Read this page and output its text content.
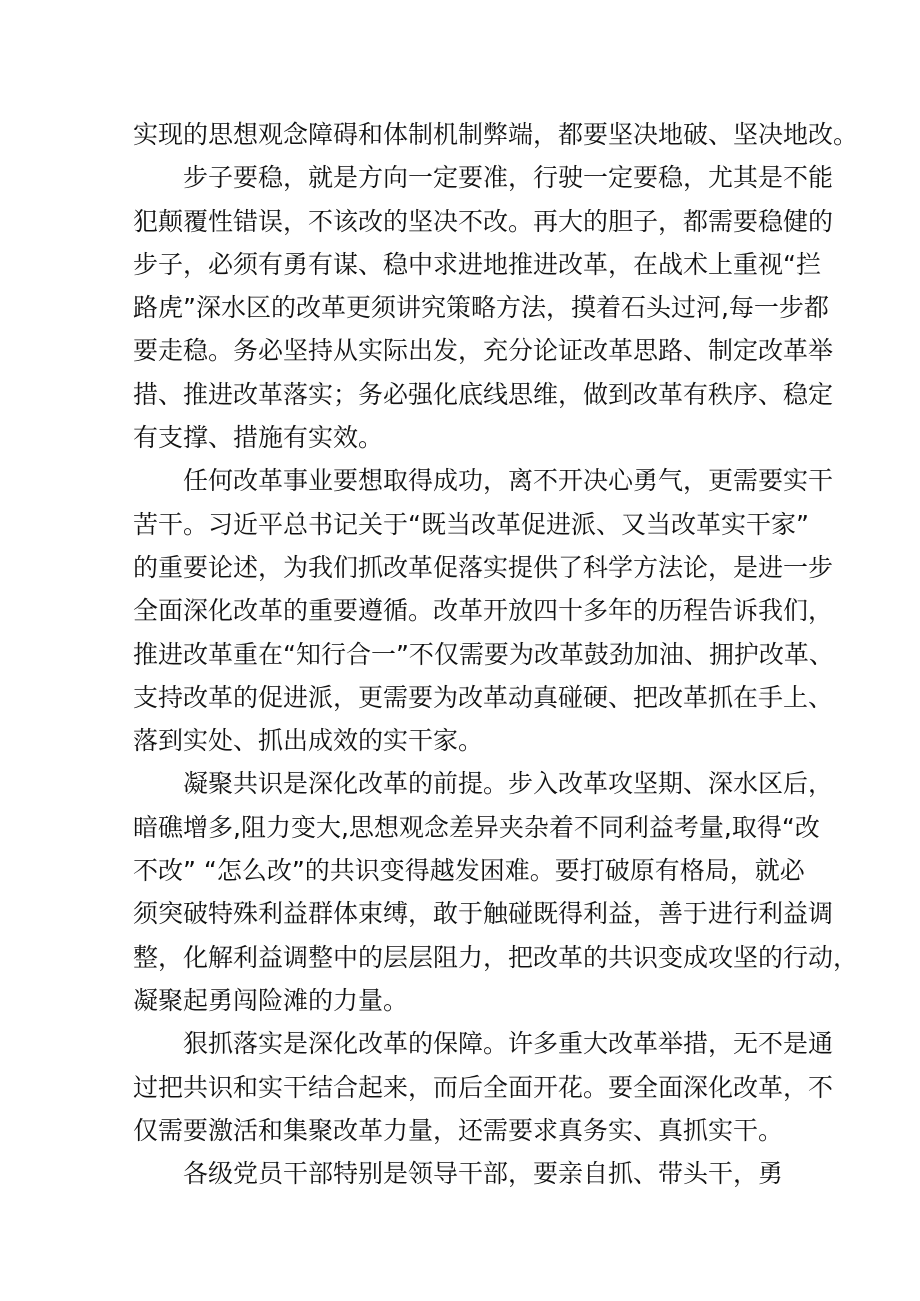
实现的思想观念障碍和体制机制弊端，都要坚决地破、坚决地改。
步子要稳，就是方向一定要准，行驶一定要稳，尤其是不能
犯颠覆性错误，不该改的坚决不改。再大的胆子，都需要稳健的
步子，必须有勇有谋、稳中求进地推进改革，在战术上重视“拦
路虎”深水区的改革更须讲究策略方法，摸着石头过河,每一步都
要走稳。务必坚持从实际出发，充分论证改革思路、制定改革举
措、推进改革落实；务必强化底线思维，做到改革有秩序、稳定
有支撑、措施有实效。
任何改革事业要想取得成功，离不开决心勇气，更需要实干
苦干。习近平总书记关于“既当改革促进派、又当改革实干家”
的重要论述，为我们抓改革促落实提供了科学方法论，是进一步
全面深化改革的重要遵循。改革开放四十多年的历程告诉我们，
推进改革重在“知行合一”不仅需要为改革鼓劲加油、拥护改革、
支持改革的促进派，更需要为改革动真碰硬、把改革抓在手上、
落到实处、抓出成效的实干家。
凝聚共识是深化改革的前提。步入改革攻坚期、深水区后，
暗礁增多,阻力变大,思想观念差异夹杂着不同利益考量,取得“改
不改” “怎么改”的共识变得越发困难。要打破原有格局，就必
须突破特殊利益群体束缚，敢于触碰既得利益，善于进行利益调
整，化解利益调整中的层层阻力，把改革的共识变成攻坚的行动，
凝聚起勇闯险滩的力量。
狠抓落实是深化改革的保障。许多重大改革举措，无不是通
过把共识和实干结合起来，而后全面开花。要全面深化改革，不
仅需要激活和集聚改革力量，还需要求真务实、真抓实干。
各级党员干部特别是领导干部，要亲自抓、带头干，勇
